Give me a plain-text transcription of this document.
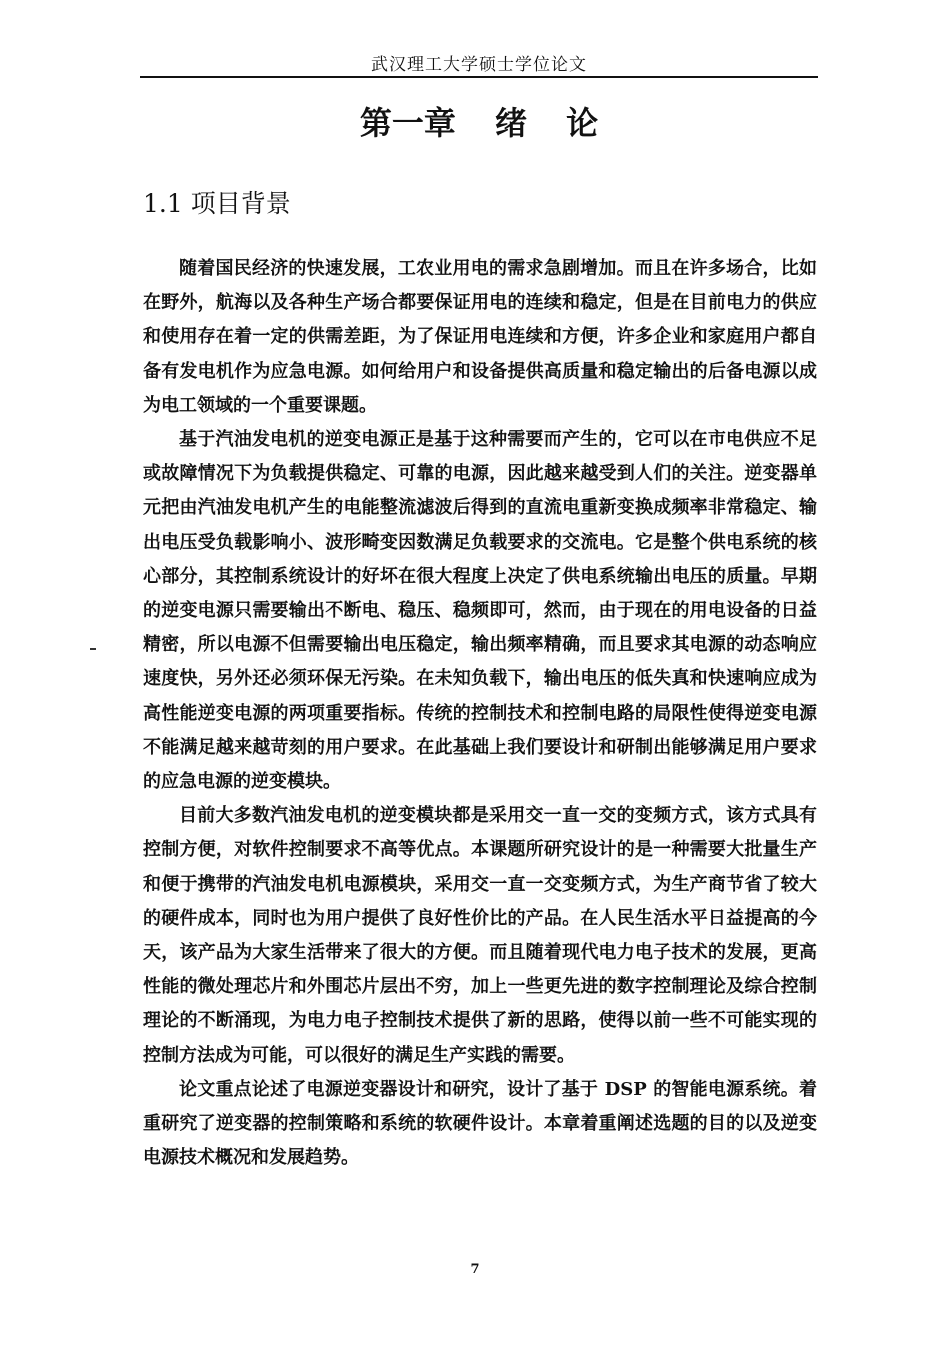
武汉理工大学硕士学位论文
第一章 绪 论
1.1 项目背景

随着国民经济的快速发展，工农业用电的需求急剧增加。而且在许多场合，比如在野外，航海以及各种生产场合都要保证用电的连续和稳定，但是在目前电力的供应和使用存在着一定的供需差距，为了保证用电连续和方便，许多企业和家庭用户都自备有发电机作为应急电源。如何给用户和设备提供高质量和稳定输出的后备电源以成为电工领域的一个重要课题。

基于汽油发电机的逆变电源正是基于这种需要而产生的，它可以在市电供应不足或故障情况下为负载提供稳定、可靠的电源，因此越来越受到人们的关注。逆变器单元把由汽油发电机产生的电能整流滤波后得到的直流电重新变换成频率非常稳定、输出电压受负载影响小、波形畸变因数满足负载要求的交流电。它是整个供电系统的核心部分，其控制系统设计的好坏在很大程度上决定了供电系统输出电压的质量。早期的逆变电源只需要输出不断电、稳压、稳频即可，然而，由于现在的用电设备的日益精密，所以电源不但需要输出电压稳定，输出频率精确，而且要求其电源的动态响应速度快，另外还必须环保无污染。在未知负载下，输出电压的低失真和快速响应成为高性能逆变电源的两项重要指标。传统的控制技术和控制电路的局限性使得逆变电源不能满足越来越苛刻的用户要求。在此基础上我们要设计和研制出能够满足用户要求的应急电源的逆变模块。

目前大多数汽油发电机的逆变模块都是采用交一直一交的变频方式，该方式具有控制方便，对软件控制要求不高等优点。本课题所研究设计的是一种需要大批量生产和便于携带的汽油发电机电源模块，采用交一直一交变频方式，为生产商节省了较大的硬件成本，同时也为用户提供了良好性价比的产品。在人民生活水平日益提高的今天，该产品为大家生活带来了很大的方便。而且随着现代电力电子技术的发展，更高性能的微处理芯片和外围芯片层出不穷，加上一些更先进的数字控制理论及综合控制理论的不断涌现，为电力电子控制技术提供了新的思路，使得以前一些不可能实现的控制方法成为可能，可以很好的满足生产实践的需要。

论文重点论述了电源逆变器设计和研究，设计了基于 DSP 的智能电源系统。着重研究了逆变器的控制策略和系统的软硬件设计。本章着重阐述选题的目的以及逆变电源技术概况和发展趋势。

7
